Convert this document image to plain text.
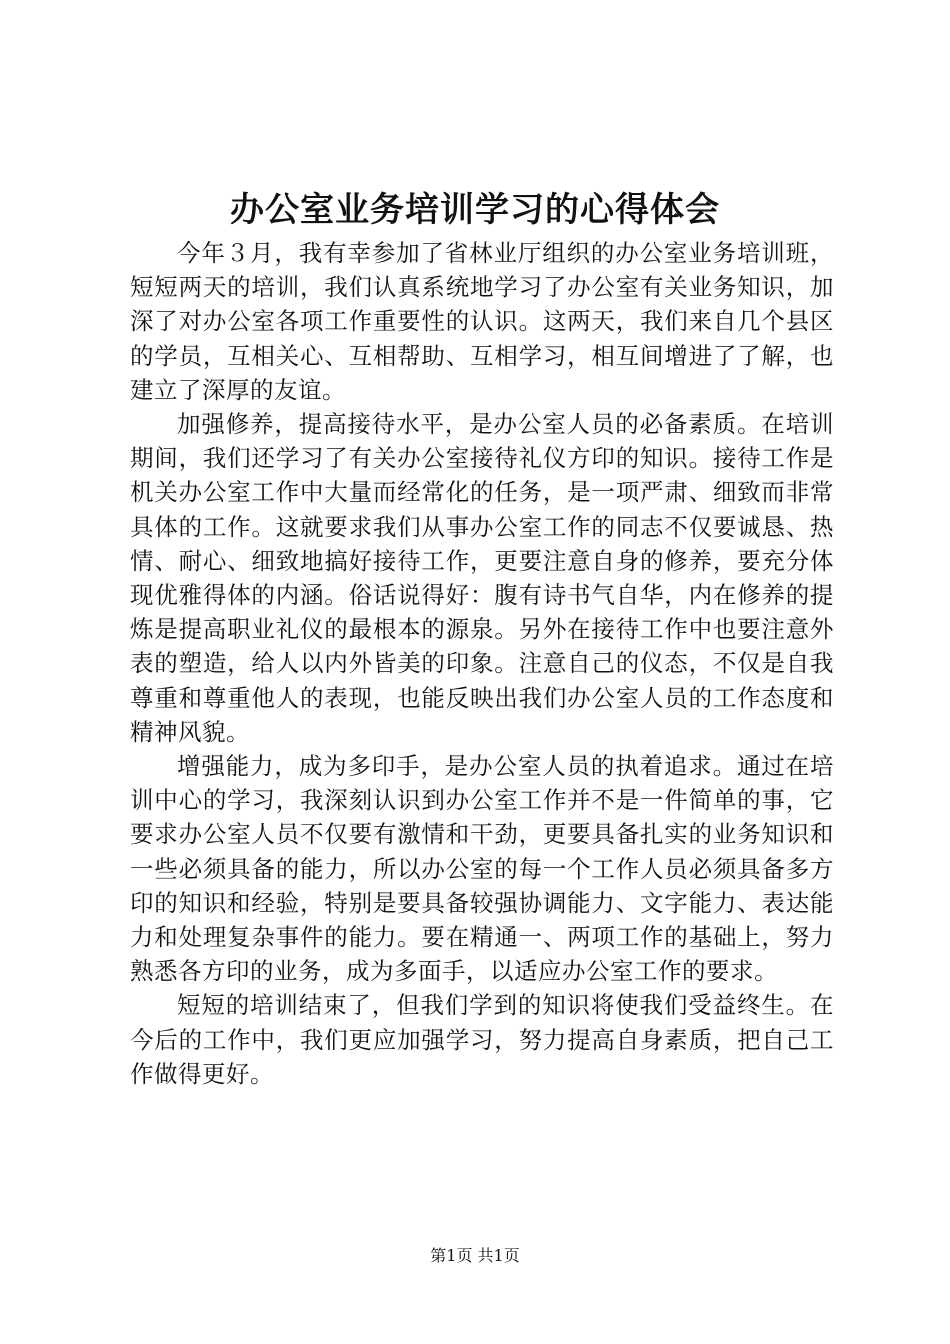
办公室业务培训学习的心得体会

今年３月，我有幸参加了省林业厅组织的办公室业务培训班，短短两天的培训，我们认真系统地学习了办公室有关业务知识，加深了对办公室各项工作重要性的认识。这两天，我们来自几个县区的学员，互相关心、互相帮助、互相学习，相互间增进了了解，也建立了深厚的友谊。

加强修养，提高接待水平，是办公室人员的必备素质。在培训期间，我们还学习了有关办公室接待礼仪方印的知识。接待工作是机关办公室工作中大量而经常化的任务，是一项严肃、细致而非常具体的工作。这就要求我们从事办公室工作的同志不仅要诚恳、热情、耐心、细致地搞好接待工作，更要注意自身的修养，要充分体现优雅得体的内涵。俗话说得好：腹有诗书气自华，内在修养的提炼是提高职业礼仪的最根本的源泉。另外在接待工作中也要注意外表的塑造，给人以内外皆美的印象。注意自己的仪态，不仅是自我尊重和尊重他人的表现，也能反映出我们办公室人员的工作态度和精神风貌。

增强能力，成为多印手，是办公室人员的执着追求。通过在培训中心的学习，我深刻认识到办公室工作并不是一件简单的事，它要求办公室人员不仅要有激情和干劲，更要具备扎实的业务知识和一些必须具备的能力，所以办公室的每一个工作人员必须具备多方印的知识和经验，特别是要具备较强协调能力、文字能力、表达能力和处理复杂事件的能力。要在精通一、两项工作的基础上，努力熟悉各方印的业务，成为多面手，以适应办公室工作的要求。

短短的培训结束了，但我们学到的知识将使我们受益终生。在今后的工作中，我们更应加强学习，努力提高自身素质，把自己工作做得更好。

第1页 共1页
